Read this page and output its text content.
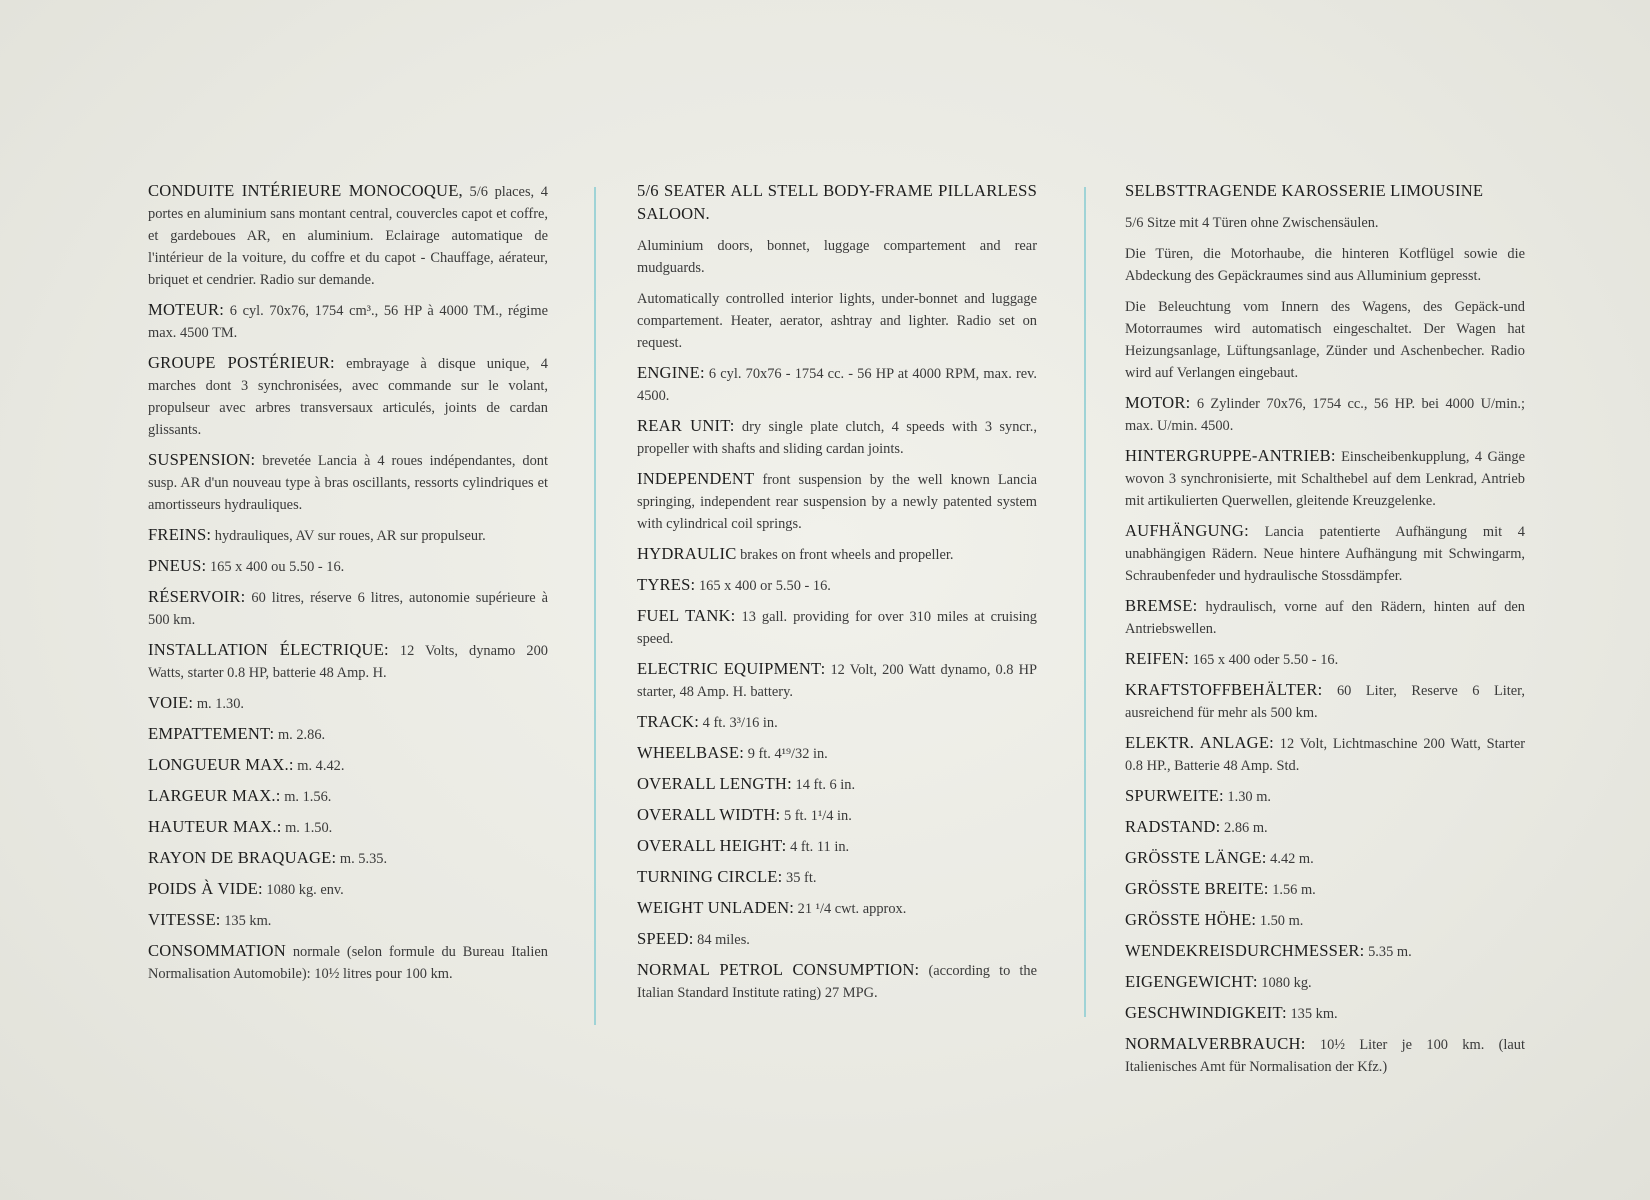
CONDUITE INTÉRIEURE MONOCOQUE, 5/6 places, 4 portes en aluminium sans montant central, couvercles capot et coffre, et gardeboues AR, en aluminium. Eclairage automatique de l'intérieur de la voiture, du coffre et du capot - Chauffage, aérateur, briquet et cendrier. Radio sur demande.

MOTEUR: 6 cyl. 70x76, 1754 cm³., 56 HP à 4000 TM., régime max. 4500 TM.

GROUPE POSTÉRIEUR: embrayage à disque unique, 4 marches dont 3 synchronisées, avec commande sur le volant, propulseur avec arbres transversaux articulés, joints de cardan glissants.

SUSPENSION: brevetée Lancia à 4 roues indépendantes, dont susp. AR d'un nouveau type à bras oscillants, ressorts cylindriques et amortisseurs hydrauliques.

FREINS: hydrauliques, AV sur roues, AR sur propulseur.

PNEUS: 165 x 400 ou 5.50 - 16.

RÉSERVOIR: 60 litres, réserve 6 litres, autonomie supérieure à 500 km.

INSTALLATION ÉLECTRIQUE: 12 Volts, dynamo 200 Watts, starter 0.8 HP, batterie 48 Amp. H.

VOIE: m. 1.30.

EMPATTEMENT: m. 2.86.

LONGUEUR MAX.: m. 4.42.

LARGEUR MAX.: m. 1.56.

HAUTEUR MAX.: m. 1.50.

RAYON DE BRAQUAGE: m. 5.35.

POIDS À VIDE: 1080 kg. env.

VITESSE: 135 km.

CONSOMMATION normale (selon formule du Bureau Italien Normalisation Automobile): 10½ litres pour 100 km.

5/6 SEATER ALL STELL BODY-FRAME PILLARLESS SALOON.

Aluminium doors, bonnet, luggage compartement and rear mudguards.

Automatically controlled interior lights, under-bonnet and luggage compartement. Heater, aerator, ashtray and lighter. Radio set on request.

ENGINE: 6 cyl. 70x76 - 1754 cc. - 56 HP at 4000 RPM, max. rev. 4500.

REAR UNIT: dry single plate clutch, 4 speeds with 3 syncr., propeller with shafts and sliding cardan joints.

INDEPENDENT front suspension by the well known Lancia springing, independent rear suspension by a newly patented system with cylindrical coil springs.

HYDRAULIC brakes on front wheels and propeller.

TYRES: 165 x 400 or 5.50 - 16.

FUEL TANK: 13 gall. providing for over 310 miles at cruising speed.

ELECTRIC EQUIPMENT: 12 Volt, 200 Watt dynamo, 0.8 HP starter, 48 Amp. H. battery.

TRACK: 4 ft. 3³/16 in.

WHEELBASE: 9 ft. 4¹⁹/32 in.

OVERALL LENGTH: 14 ft. 6 in.

OVERALL WIDTH: 5 ft. 1¹/4 in.

OVERALL HEIGHT: 4 ft. 11 in.

TURNING CIRCLE: 35 ft.

WEIGHT UNLADEN: 21 ¹/4 cwt. approx.

SPEED: 84 miles.

NORMAL PETROL CONSUMPTION: (according to the Italian Standard Institute rating) 27 MPG.

SELBSTTRAGENDE KAROSSERIE LIMOUSINE

5/6 Sitze mit 4 Türen ohne Zwischensäulen.

Die Türen, die Motorhaube, die hinteren Kotflügel sowie die Abdeckung des Gepäckraumes sind aus Alluminium gepresst.

Die Beleuchtung vom Innern des Wagens, des Gepäck-und Motorraumes wird automatisch eingeschaltet. Der Wagen hat Heizungsanlage, Lüftungsanlage, Zünder und Aschenbecher. Radio wird auf Verlangen eingebaut.

MOTOR: 6 Zylinder 70x76, 1754 cc., 56 HP. bei 4000 U/min.; max. U/min. 4500.

HINTERGRUPPE-ANTRIEB: Einscheibenkupplung, 4 Gänge wovon 3 synchronisierte, mit Schalthebel auf dem Lenkrad, Antrieb mit artikulierten Querwellen, gleitende Kreuzgelenke.

AUFHÄNGUNG: Lancia patentierte Aufhängung mit 4 unabhängigen Rädern. Neue hintere Aufhängung mit Schwingarm, Schraubenfeder und hydraulische Stossdämpfer.

BREMSE: hydraulisch, vorne auf den Rädern, hinten auf den Antriebswellen.

REIFEN: 165 x 400 oder 5.50 - 16.

KRAFTSTOFFBEHÄLTER: 60 Liter, Reserve 6 Liter, ausreichend für mehr als 500 km.

ELEKTR. ANLAGE: 12 Volt, Lichtmaschine 200 Watt, Starter 0.8 HP., Batterie 48 Amp. Std.

SPURWEITE: 1.30 m.

RADSTAND: 2.86 m.

GRÖSSTE LÄNGE: 4.42 m.

GRÖSSTE BREITE: 1.56 m.

GRÖSSTE HÖHE: 1.50 m.

WENDEKREISDURCHMESSER: 5.35 m.

EIGENGEWICHT: 1080 kg.

GESCHWINDIGKEIT: 135 km.

NORMALVERBRAUCH: 10½ Liter je 100 km. (laut Italienisches Amt für Normalisation der Kfz.)
